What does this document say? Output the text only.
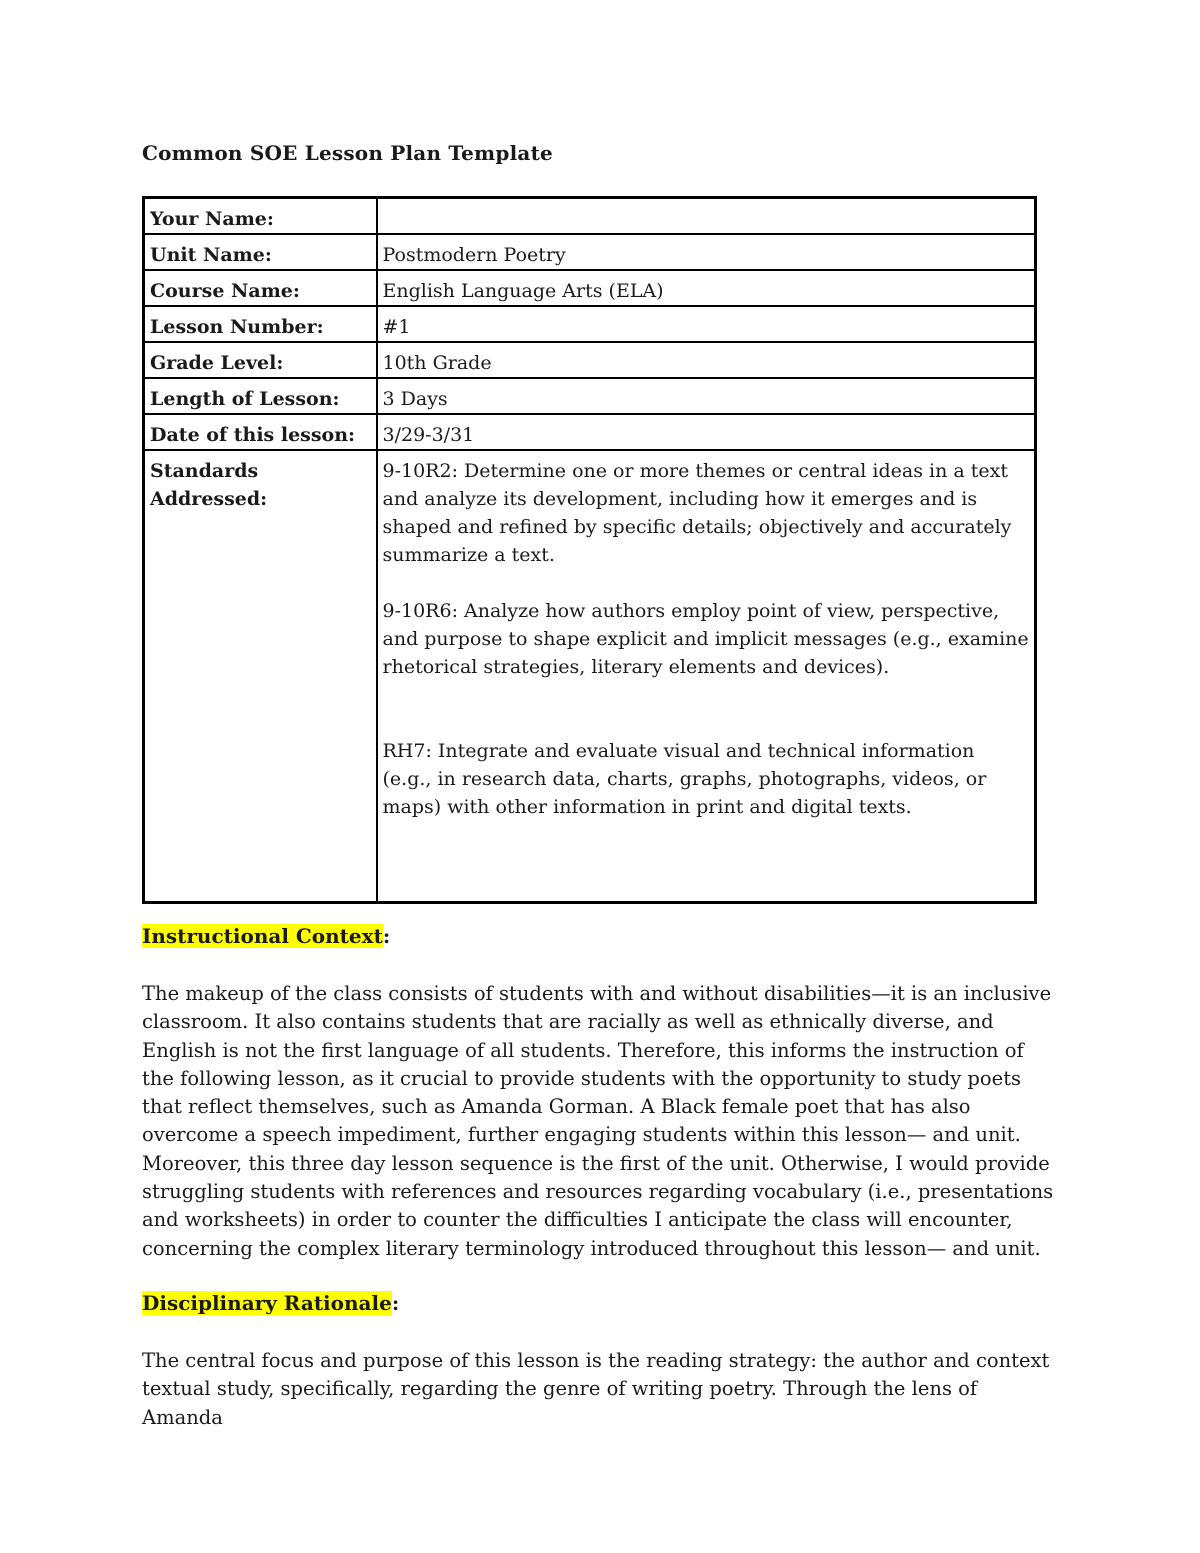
Common SOE Lesson Plan Template
Your Name:	
Unit Name:	Postmodern Poetry
Course Name:	English Language Arts (ELA)
Lesson Number:	#1
Grade Level:	10th Grade
Length of Lesson:	3 Days
Date of this lesson:	3/29-3/31
Standards Addressed:	9-10R2: Determine one or more themes or central ideas in a text and analyze its development, including how it emerges and is shaped and refined by specific details; objectively and accurately summarize a text.

9-10R6: Analyze how authors employ point of view, perspective, and purpose to shape explicit and implicit messages (e.g., examine rhetorical strategies, literary elements and devices).

RH7: Integrate and evaluate visual and technical information (e.g., in research data, charts, graphs, photographs, videos, or maps) with other information in print and digital texts.

Instructional Context:

The makeup of the class consists of students with and without disabilities—it is an inclusive classroom. It also contains students that are racially as well as ethnically diverse, and English is not the first language of all students. Therefore, this informs the instruction of the following lesson, as it crucial to provide students with the opportunity to study poets that reflect themselves, such as Amanda Gorman. A Black female poet that has also overcome a speech impediment, further engaging students within this lesson— and unit. Moreover, this three day lesson sequence is the first of the unit. Otherwise, I would provide struggling students with references and resources regarding vocabulary (i.e., presentations and worksheets) in order to counter the difficulties I anticipate the class will encounter, concerning the complex literary terminology introduced throughout this lesson— and unit.

Disciplinary Rationale:

The central focus and purpose of this lesson is the reading strategy: the author and context textual study, specifically, regarding the genre of writing poetry. Through the lens of Amanda
